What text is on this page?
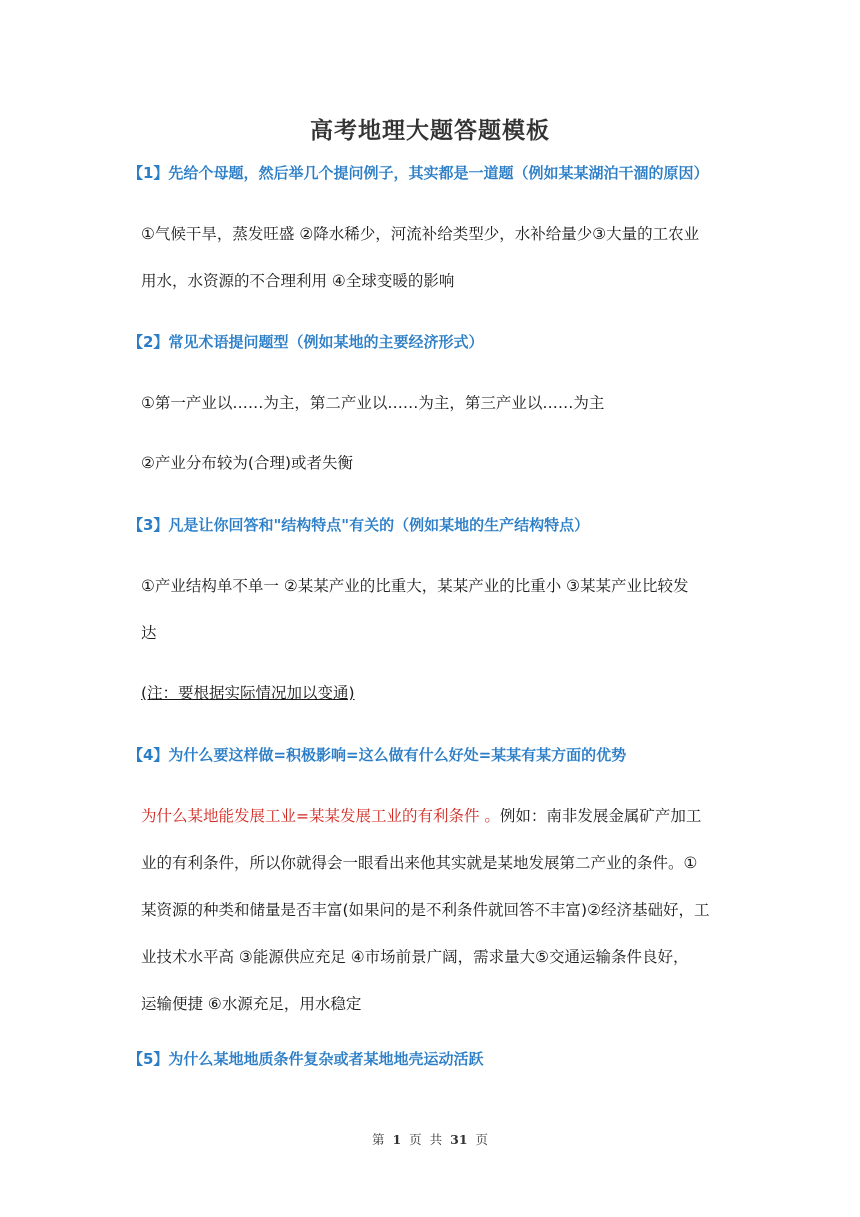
高考地理大题答题模板
【1】先给个母题，然后举几个提问例子，其实都是一道题（例如某某湖泊干涸的原因）
①气候干旱，蒸发旺盛 ②降水稀少，河流补给类型少，水补给量少③大量的工农业
用水，水资源的不合理利用 ④全球变暖的影响
【2】常见术语提问题型（例如某地的主要经济形式）
①第一产业以……为主，第二产业以……为主，第三产业以……为主
②产业分布较为(合理)或者失衡
【3】凡是让你回答和"结构特点"有关的（例如某地的生产结构特点）
①产业结构单不单一 ②某某产业的比重大，某某产业的比重小 ③某某产业比较发
达
(注：要根据实际情况加以变通)
【4】为什么要这样做=积极影响=这么做有什么好处=某某有某方面的优势
为什么某地能发展工业=某某发展工业的有利条件 。例如：南非发展金属矿产加工
业的有利条件，所以你就得会一眼看出来他其实就是某地发展第二产业的条件。①
某资源的种类和储量是否丰富(如果问的是不利条件就回答不丰富)②经济基础好，工
业技术水平高 ③能源供应充足 ④市场前景广阔，需求量大⑤交通运输条件良好，
运输便捷 ⑥水源充足，用水稳定
【5】为什么某地地质条件复杂或者某地地壳运动活跃
第 1 页 共 31 页
